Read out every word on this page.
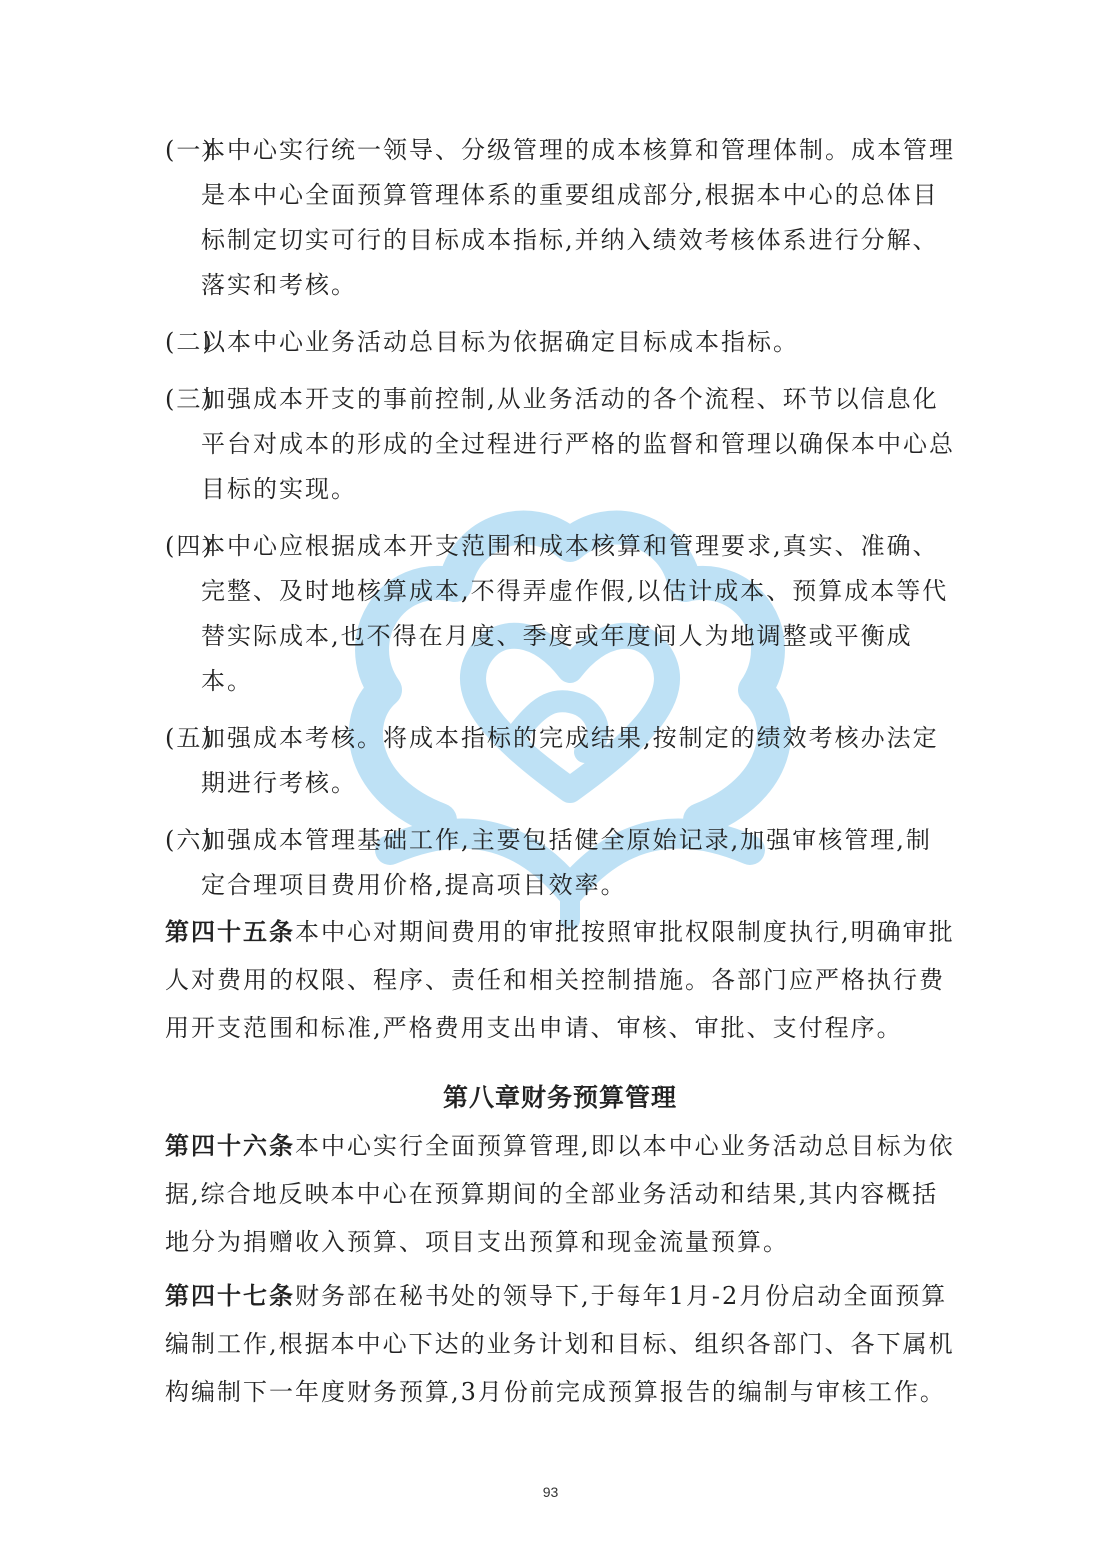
(一)
本中心实行统一领导、分级管理的成本核算和管理体制。成本管理是本中心全面预算管理体系的重要组成部分,根据本中心的总体目标制定切实可行的目标成本指标,并纳入绩效考核体系进行分解、落实和考核。

(二)
以本中心业务活动总目标为依据确定目标成本指标。

(三)
加强成本开支的事前控制,从业务活动的各个流程、环节以信息化平台对成本的形成的全过程进行严格的监督和管理以确保本中心总目标的实现。

(四)
本中心应根据成本开支范围和成本核算和管理要求,真实、准确、完整、及时地核算成本,不得弄虚作假,以估计成本、预算成本等代替实际成本,也不得在月度、季度或年度间人为地调整或平衡成本。

(五)
加强成本考核。将成本指标的完成结果,按制定的绩效考核办法定期进行考核。

(六)
加强成本管理基础工作,主要包括健全原始记录,加强审核管理,制定合理项目费用价格,提高项目效率。

第四十五条本中心对期间费用的审批按照审批权限制度执行,明确审批人对费用的权限、程序、责任和相关控制措施。各部门应严格执行费用开支范围和标准,严格费用支出申请、审核、审批、支付程序。

第八章财务预算管理

第四十六条本中心实行全面预算管理,即以本中心业务活动总目标为依据,综合地反映本中心在预算期间的全部业务活动和结果,其内容概括地分为捐赠收入预算、项目支出预算和现金流量预算。

第四十七条财务部在秘书处的领导下,于每年1月-2月份启动全面预算编制工作,根据本中心下达的业务计划和目标、组织各部门、各下属机构编制下一年度财务预算,3月份前完成预算报告的编制与审核工作。

93
